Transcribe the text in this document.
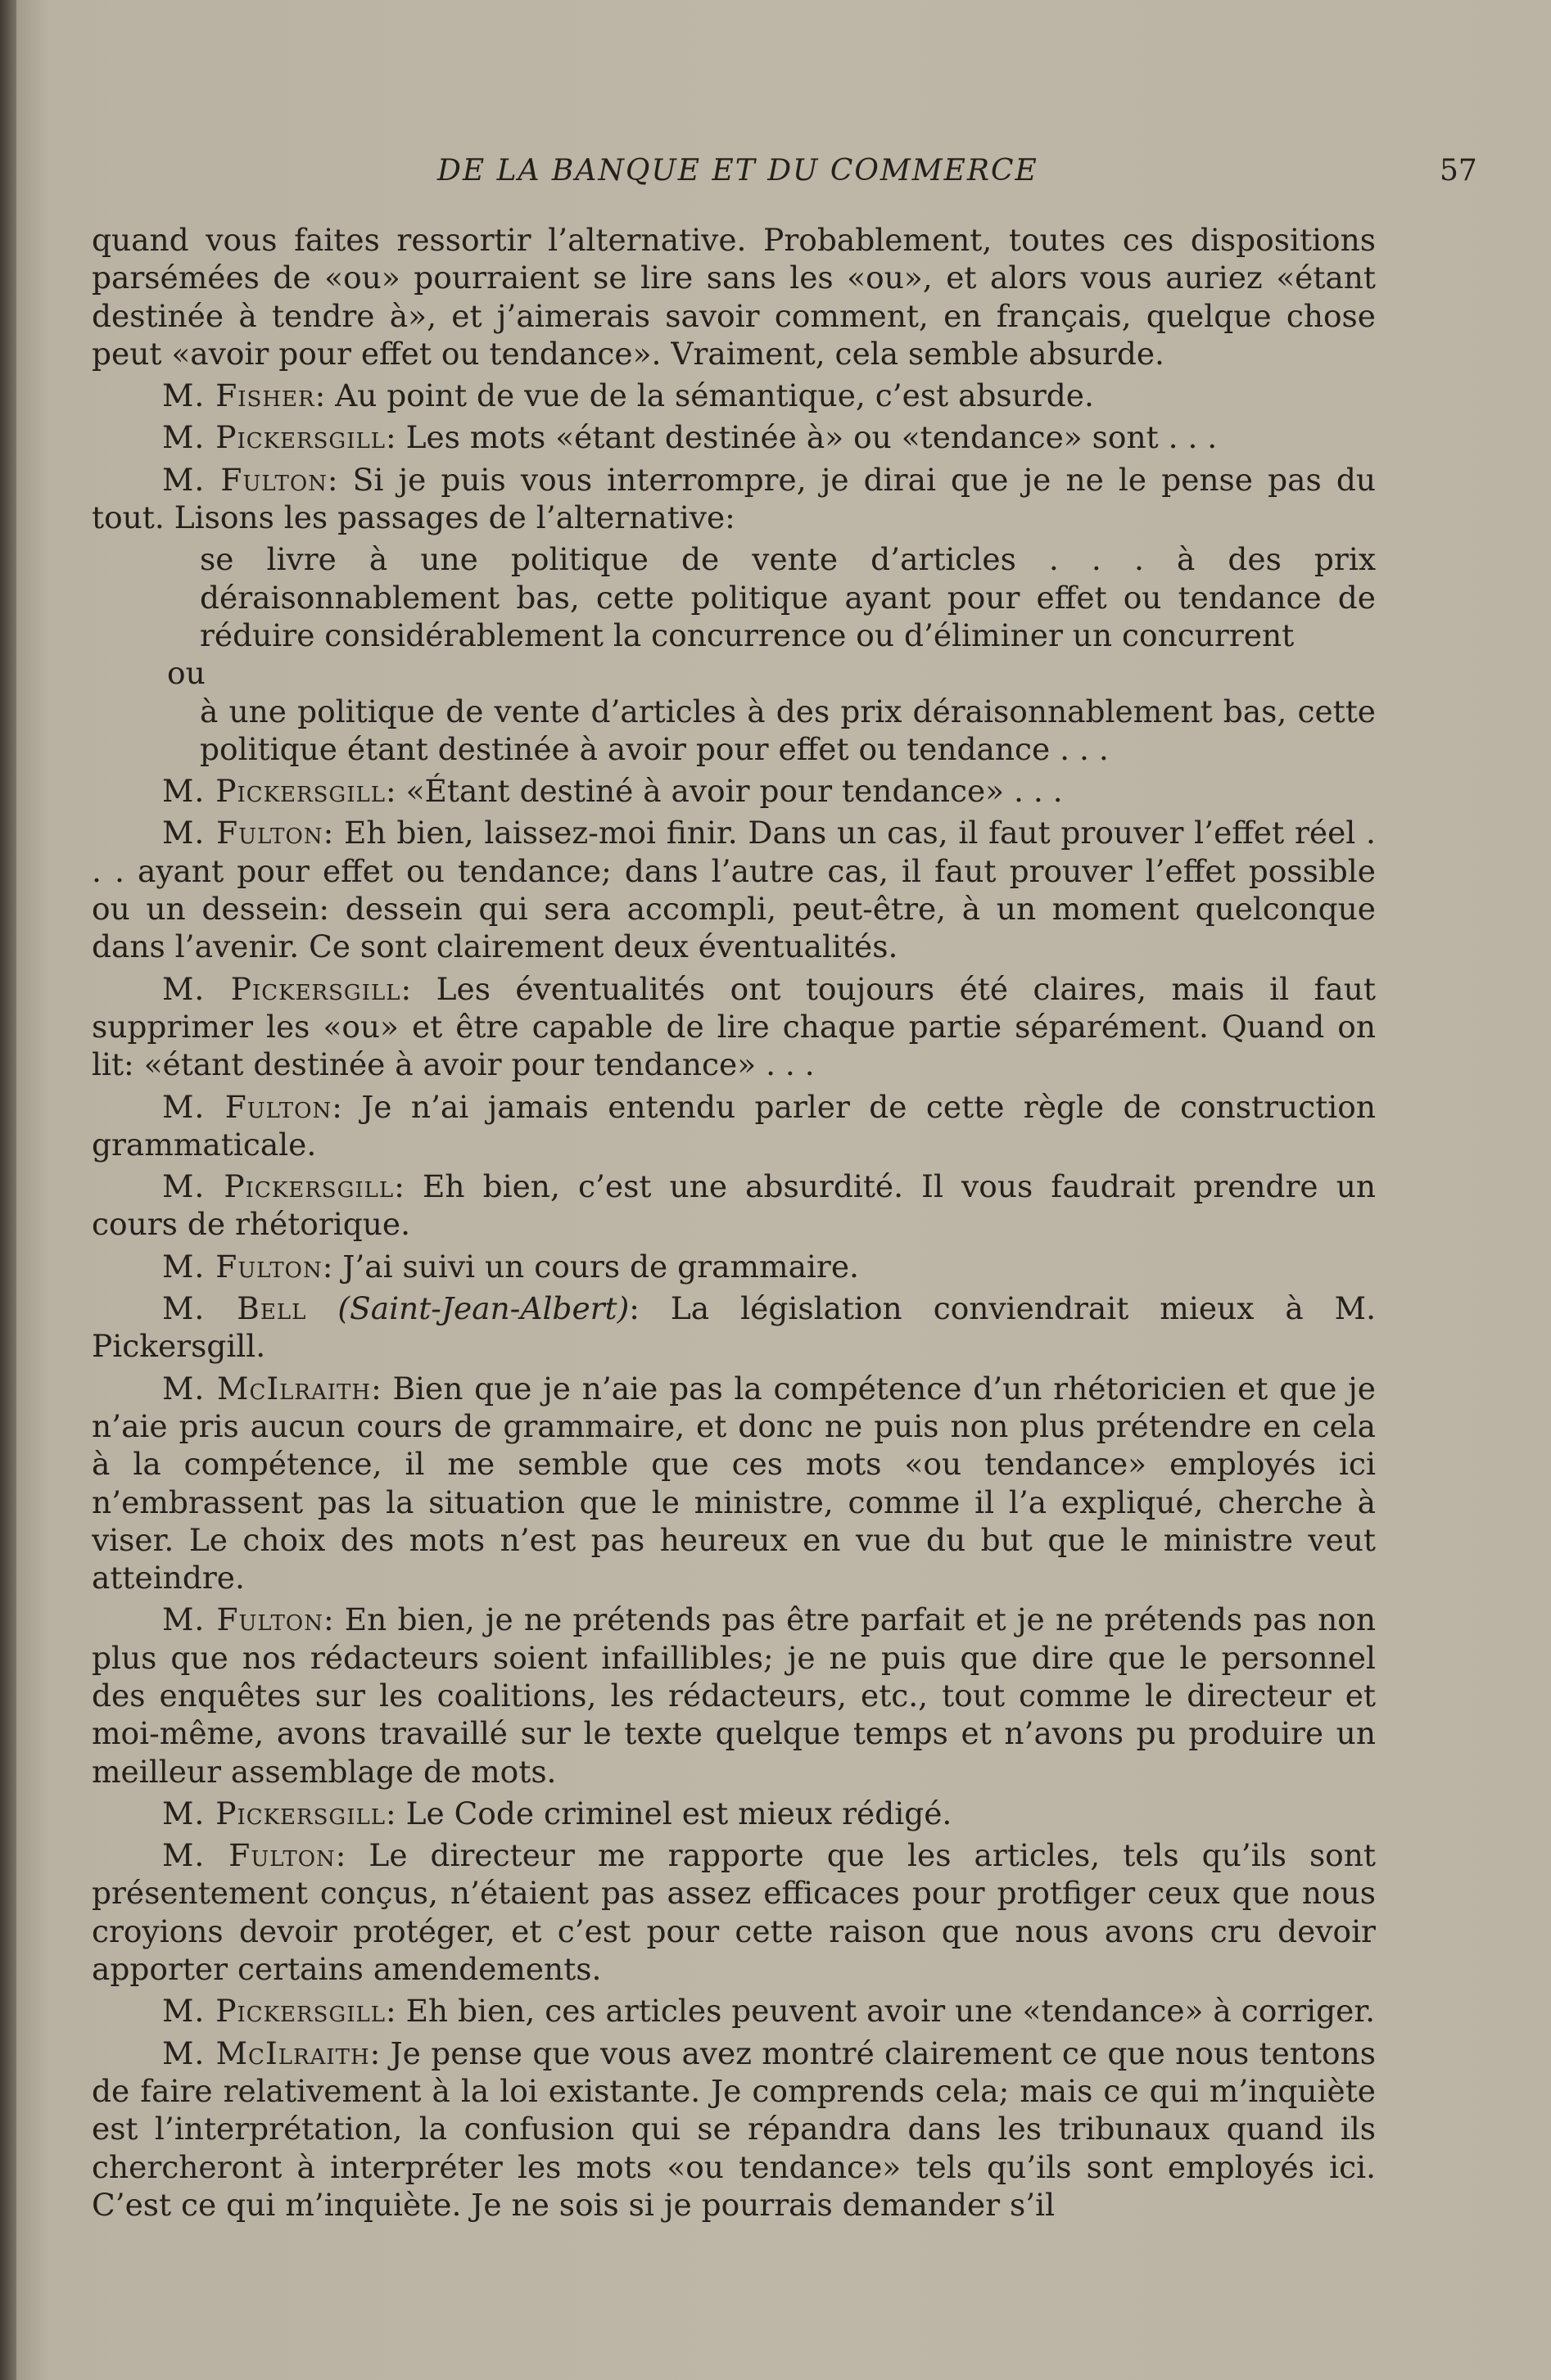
DE LA BANQUE ET DU COMMERCE	57

quand vous faites ressortir l’alternative. Probablement, toutes ces dispositions parsémées de «ou» pourraient se lire sans les «ou», et alors vous auriez «étant destinée à tendre à», et j’aimerais savoir comment, en français, quelque chose peut «avoir pour effet ou tendance». Vraiment, cela semble absurde.

M. Fisher: Au point de vue de la sémantique, c’est absurde.

M. Pickersgill: Les mots «étant destinée à» ou «tendance» sont . . .

M. Fulton: Si je puis vous interrompre, je dirai que je ne le pense pas du tout. Lisons les passages de l’alternative:

se livre à une politique de vente d’articles . . . à des prix déraisonnablement bas, cette politique ayant pour effet ou tendance de réduire considérablement la concurrence ou d’éliminer un concurrent

ou

à une politique de vente d’articles à des prix déraisonnablement bas, cette politique étant destinée à avoir pour effet ou tendance . . .

M. Pickersgill: «Étant destiné à avoir pour tendance» . . .

M. Fulton: Eh bien, laissez-moi finir. Dans un cas, il faut prouver l’effet réel . . . ayant pour effet ou tendance; dans l’autre cas, il faut prouver l’effet possible ou un dessein: dessein qui sera accompli, peut-être, à un moment quelconque dans l’avenir. Ce sont clairement deux éventualités.

M. Pickersgill: Les éventualités ont toujours été claires, mais il faut supprimer les «ou» et être capable de lire chaque partie séparément. Quand on lit: «étant destinée à avoir pour tendance» . . .

M. Fulton: Je n’ai jamais entendu parler de cette règle de construction grammaticale.

M. Pickersgill: Eh bien, c’est une absurdité. Il vous faudrait prendre un cours de rhétorique.

M. Fulton: J’ai suivi un cours de grammaire.

M. Bell (Saint-Jean-Albert): La législation conviendrait mieux à M. Pickersgill.

M. McIlraith: Bien que je n’aie pas la compétence d’un rhétoricien et que je n’aie pris aucun cours de grammaire, et donc ne puis non plus prétendre en cela à la compétence, il me semble que ces mots «ou tendance» employés ici n’embrassent pas la situation que le ministre, comme il l’a expliqué, cherche à viser. Le choix des mots n’est pas heureux en vue du but que le ministre veut atteindre.

M. Fulton: En bien, je ne prétends pas être parfait et je ne prétends pas non plus que nos rédacteurs soient infaillibles; je ne puis que dire que le personnel des enquêtes sur les coalitions, les rédacteurs, etc., tout comme le directeur et moi-même, avons travaillé sur le texte quelque temps et n’avons pu produire un meilleur assemblage de mots.

M. Pickersgill: Le Code criminel est mieux rédigé.

M. Fulton: Le directeur me rapporte que les articles, tels qu’ils sont présentement conçus, n’étaient pas assez efficaces pour protfiger ceux que nous croyions devoir protéger, et c’est pour cette raison que nous avons cru devoir apporter certains amendements.

M. Pickersgill: Eh bien, ces articles peuvent avoir une «tendance» à corriger.

M. McIlraith: Je pense que vous avez montré clairement ce que nous tentons de faire relativement à la loi existante. Je comprends cela; mais ce qui m’inquiète est l’interprétation, la confusion qui se répandra dans les tribunaux quand ils chercheront à interpréter les mots «ou tendance» tels qu’ils sont employés ici. C’est ce qui m’inquiète. Je ne sois si je pourrais demander s’il
